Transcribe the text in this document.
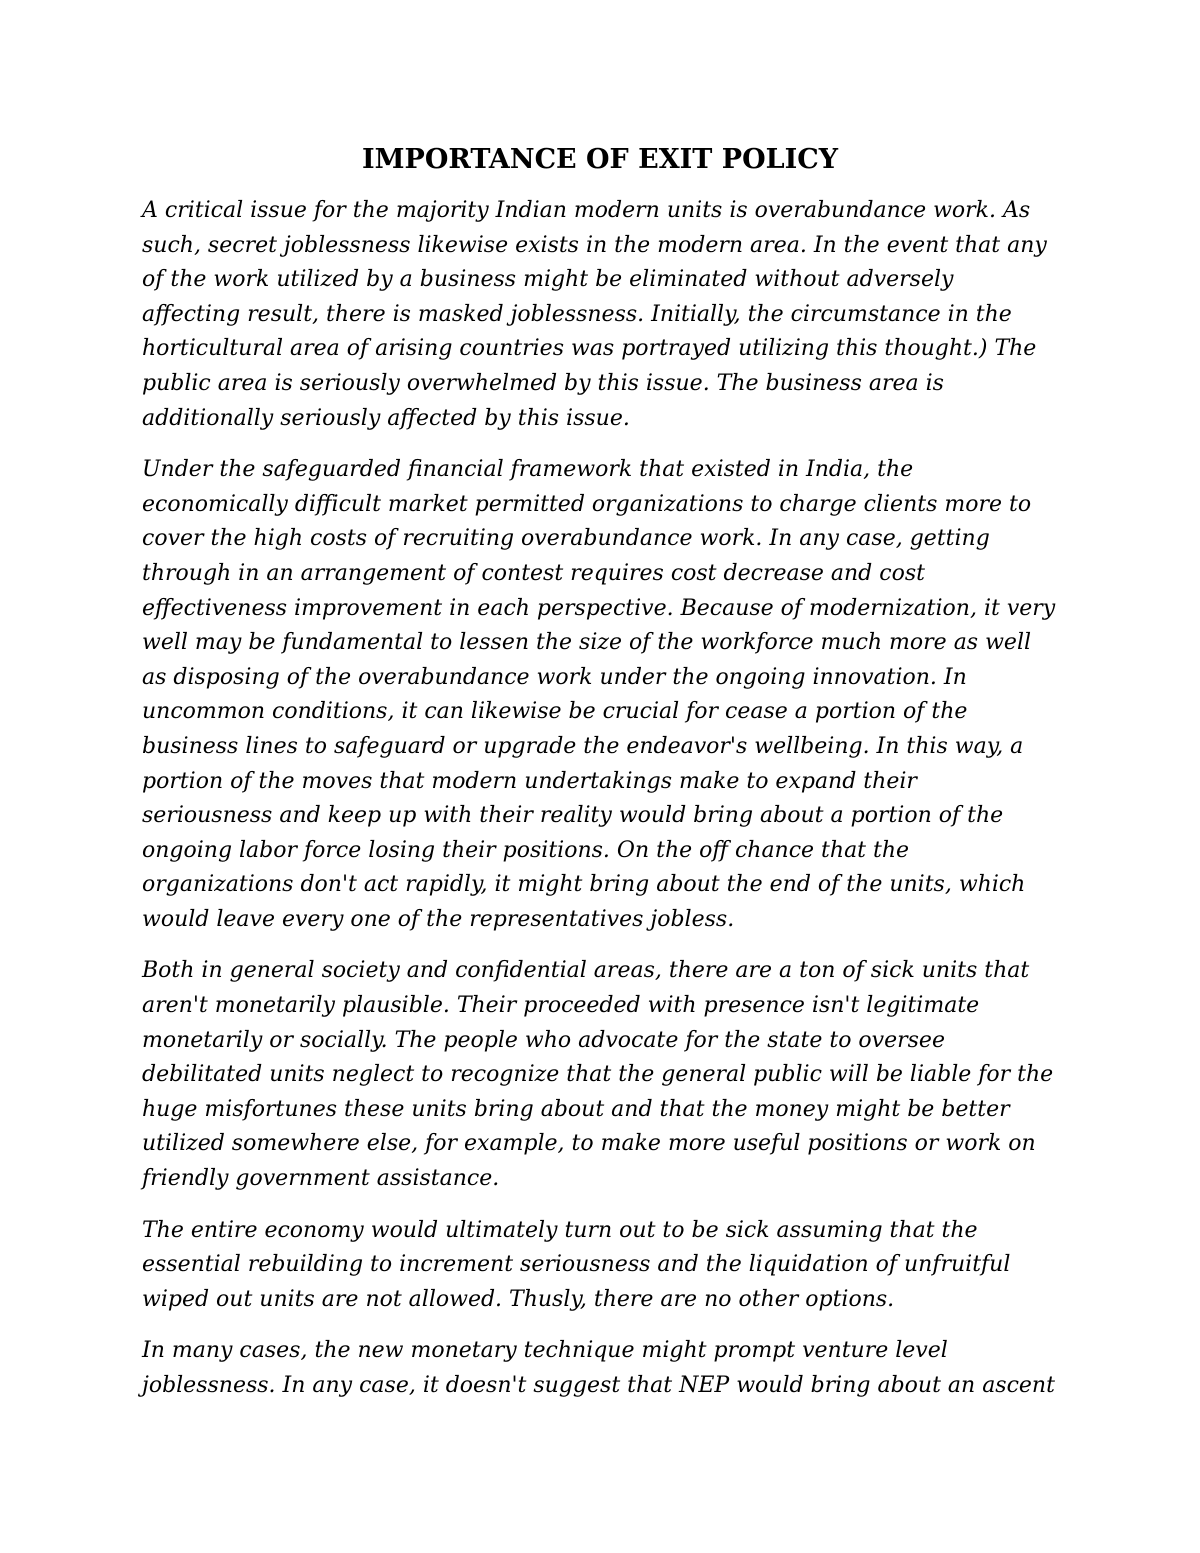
IMPORTANCE OF EXIT POLICY
A critical issue for the majority Indian modern units is overabundance work. As
such, secret joblessness likewise exists in the modern area. In the event that any
of the work utilized by a business might be eliminated without adversely
affecting result, there is masked joblessness. Initially, the circumstance in the
horticultural area of arising countries was portrayed utilizing this thought.) The
public area is seriously overwhelmed by this issue. The business area is
additionally seriously affected by this issue.
Under the safeguarded financial framework that existed in India, the
economically difficult market permitted organizations to charge clients more to
cover the high costs of recruiting overabundance work. In any case, getting
through in an arrangement of contest requires cost decrease and cost
effectiveness improvement in each perspective. Because of modernization, it very
well may be fundamental to lessen the size of the workforce much more as well
as disposing of the overabundance work under the ongoing innovation. In
uncommon conditions, it can likewise be crucial for cease a portion of the
business lines to safeguard or upgrade the endeavor's wellbeing. In this way, a
portion of the moves that modern undertakings make to expand their
seriousness and keep up with their reality would bring about a portion of the
ongoing labor force losing their positions. On the off chance that the
organizations don't act rapidly, it might bring about the end of the units, which
would leave every one of the representatives jobless.
Both in general society and confidential areas, there are a ton of sick units that
aren't monetarily plausible. Their proceeded with presence isn't legitimate
monetarily or socially. The people who advocate for the state to oversee
debilitated units neglect to recognize that the general public will be liable for the
huge misfortunes these units bring about and that the money might be better
utilized somewhere else, for example, to make more useful positions or work on
friendly government assistance.
The entire economy would ultimately turn out to be sick assuming that the
essential rebuilding to increment seriousness and the liquidation of unfruitful
wiped out units are not allowed. Thusly, there are no other options.
In many cases, the new monetary technique might prompt venture level
joblessness. In any case, it doesn't suggest that NEP would bring about an ascent
